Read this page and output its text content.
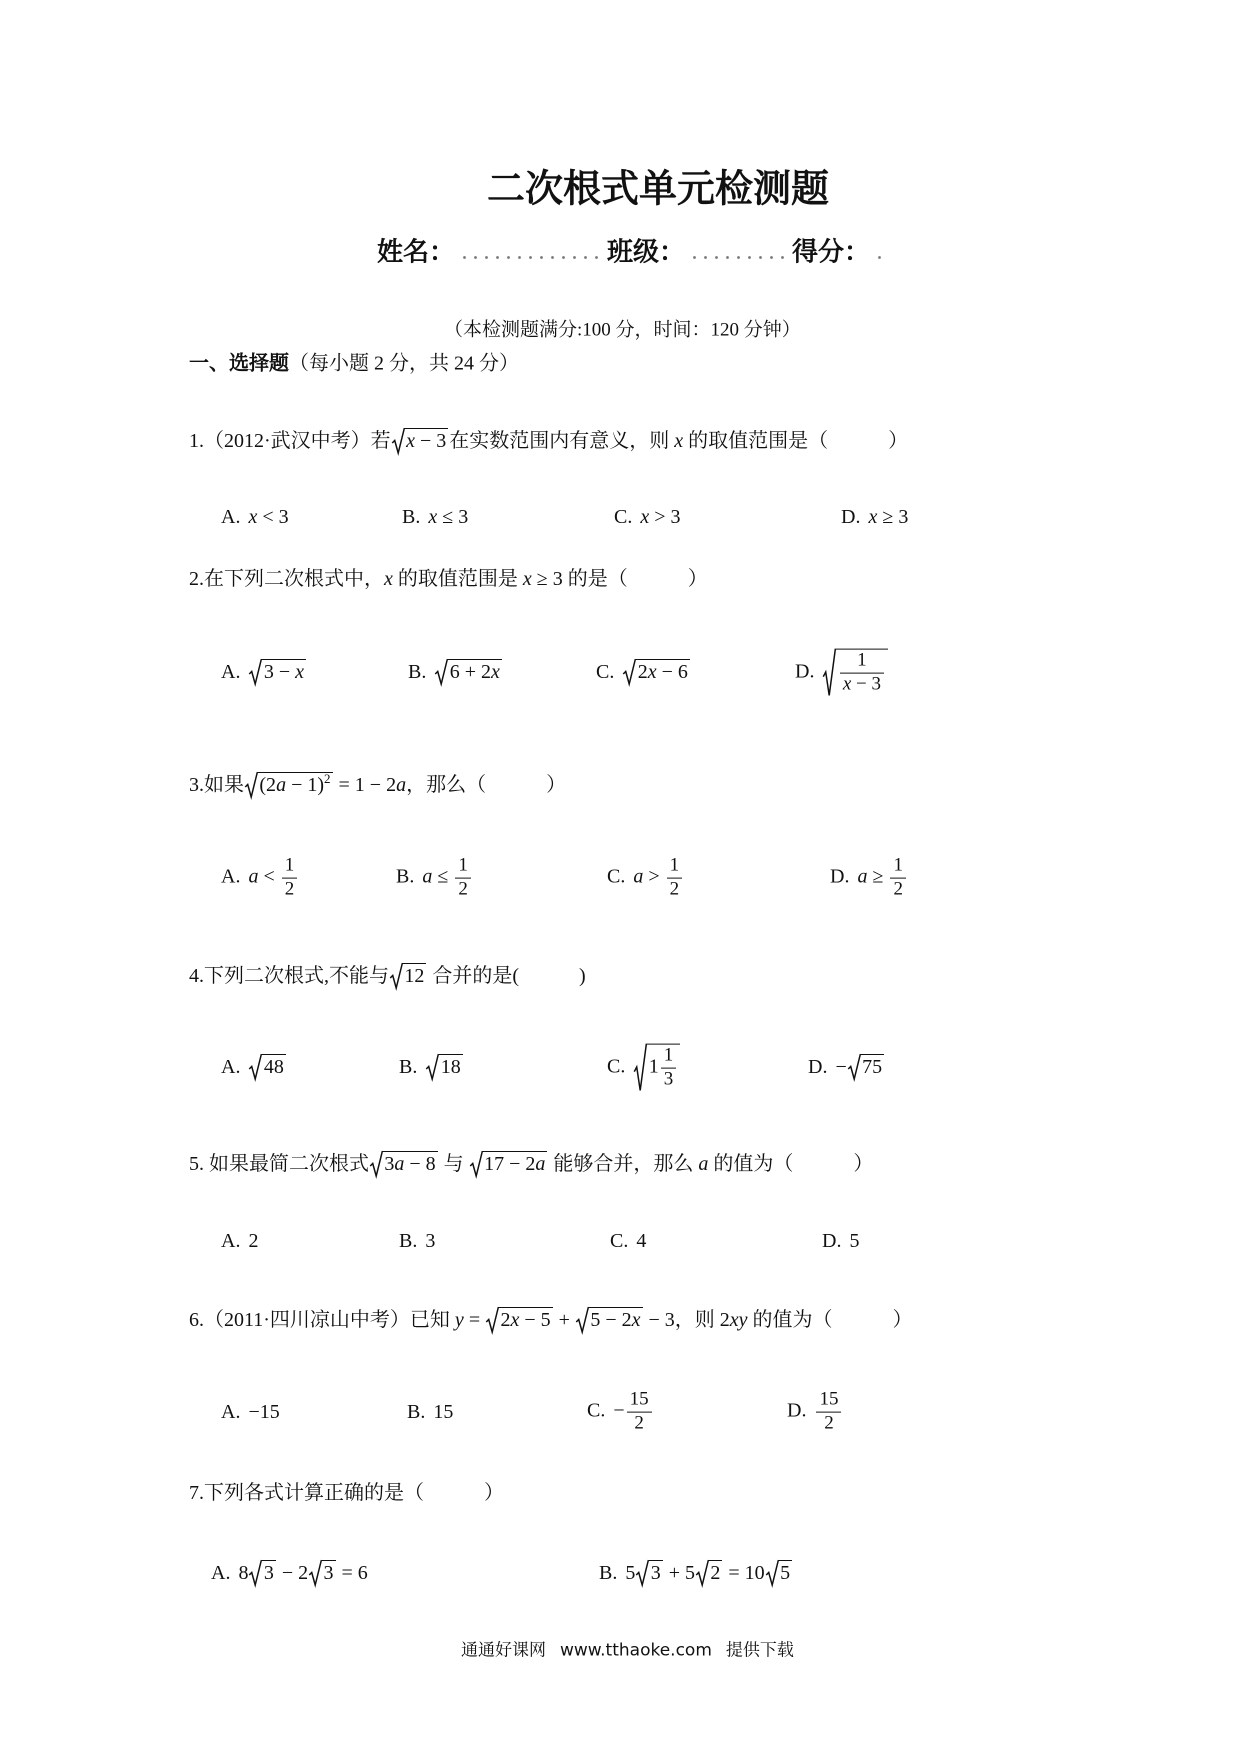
二次根式单元检测题
姓名：	班级：	得分：
（本检测题满分:100 分，时间：120 分钟）
一、选择题（每小题 2 分，共 24 分）
1.（2012·武汉中考）若 x − 3 在实数范围内有意义，则 x 的取值范围是（　　　）
A. x < 3	B. x ≤ 3	C. x > 3	D. x ≥ 3
2.在下列二次根式中，x 的取值范围是 x ≥ 3 的是（　　　）
A. 3 − x	B. 6 + 2x	C. 2x − 6	D. $\frac{1}{x - 3}$
3.如果 $(2a - 1)^2 = 1 - 2a$，那么（　　　）
A. $a < \frac{1}{2}$	B. $a \le \frac{1}{2}$	C. $a > \frac{1}{2}$	D. $a \ge \frac{1}{2}$
4.下列二次根式,不能与 12 合并的是(　　　)
A. 48	B. 18	C. $1 \frac{1}{3}$	D. − 75
5. 如果最简二次根式 3a − 8 与
17 − 2a 能够合并，那么 a 的值为（　　　）
A. 2	B. 3	C. 4	D. 5
6.（2011·四川凉山中考）已知 y =
2x − 5 +
5 − 2x − 3，则 2xy 的值为（　　　）
A. −15	B. 15	C. − $\frac{15}{2}$	D. $\frac{15}{2}$
7.下列各式计算正确的是（　　　）
A. 8 3 − 2 3 = 6	B. 5 3 + 5 2 = 10 5
通通好课网 www.tthaoke.com 提供下载
